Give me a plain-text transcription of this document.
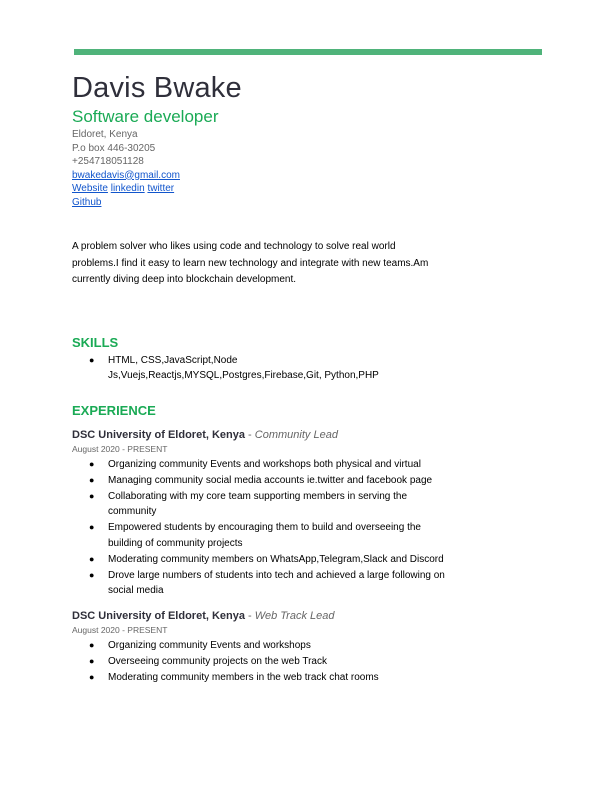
Davis Bwake
Software developer
Eldoret, Kenya
P.o box 446-30205
+254718051128
bwakedavis@gmail.com
Website linkedin twitter
Github
A problem solver who likes using code and technology to solve real world problems.I find it easy to learn new technology and integrate with new teams.Am currently diving deep into blockchain development.
SKILLS
● HTML, CSS,JavaScript,Node Js,Vuejs,Reactjs,MYSQL,Postgres,Firebase,Git, Python,PHP
EXPERIENCE
DSC University of Eldoret, Kenya - Community Lead
August 2020 - PRESENT
● Organizing community Events and workshops both physical and virtual
● Managing community social media accounts ie.twitter and facebook page
● Collaborating with my core team supporting members in serving the community
● Empowered students by encouraging them to build and overseeing the building of community projects
● Moderating community members on WhatsApp,Telegram,Slack and Discord
● Drove large numbers of students into tech and achieved a large following on social media
DSC University of Eldoret, Kenya - Web Track Lead
August 2020 - PRESENT
● Organizing community Events and workshops
● Overseeing community projects on the web Track
● Moderating community members in the web track chat rooms
